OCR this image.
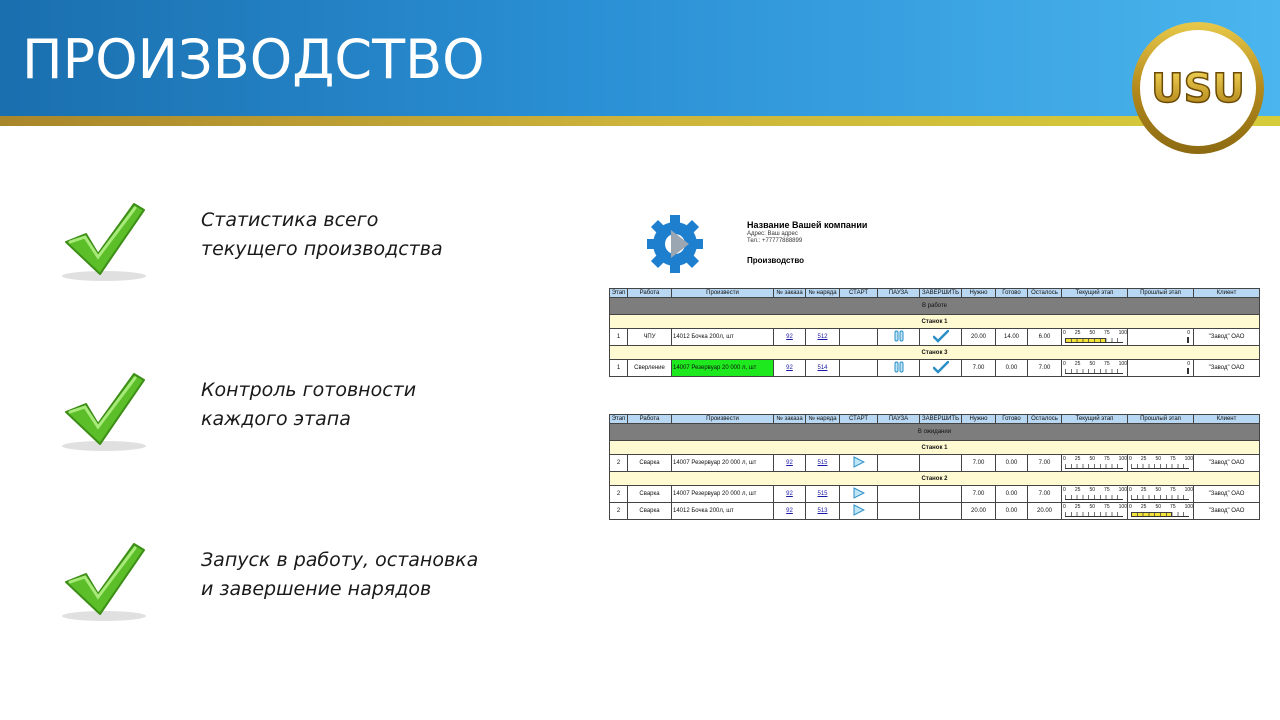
ПРОИЗВОДСТВО	USU
Статистика всего
текущего производства
Контроль готовности
каждого этапа
Запуск в работу, остановка
и завершение нарядов
Название Вашей компании
Адрес: Ваш адрес
Тел.: +77777888899
Производство
Этап	Работа	Произвести	№ заказа	№ наряда	СТАРТ	ПАУЗА	ЗАВЕРШИТЬ	Нужно	Готово	Осталось	Текущий этап	Прошлый этап	Клиент
В работе													
Станок 1													
1	ЧПУ	14012 Бочка 200л, шт	92	512				20.00	14.00	6.00	0 25 50 75 100	0	"Завод" ОАО
Станок 3													
1	Сверление	14007 Резервуар 20 000 л, шт	92	514				7.00	0.00	7.00	0 25 50 75 100	0	"Завод" ОАО
Этап	Работа	Произвести	№ заказа	№ наряда	СТАРТ	ПАУЗА	ЗАВЕРШИТЬ	Нужно	Готово	Осталось	Текущий этап	Прошлый этап	Клиент
В ожидании													
Станок 1													
2	Сварка	14007 Резервуар 20 000 л, шт	92	515				7.00	0.00	7.00	0 25 50 75 100	0 25 50 75 100	"Завод" ОАО
Станок 2													
2	Сварка	14007 Резервуар 20 000 л, шт	92	515				7.00	0.00	7.00	0 25 50 75 100	0 25 50 75 100	"Завод" ОАО
2	Сварка	14012 Бочка 200л, шт	92	513				20.00	0.00	20.00	0 25 50 75 100	0 25 50 75 100	"Завод" ОАО
